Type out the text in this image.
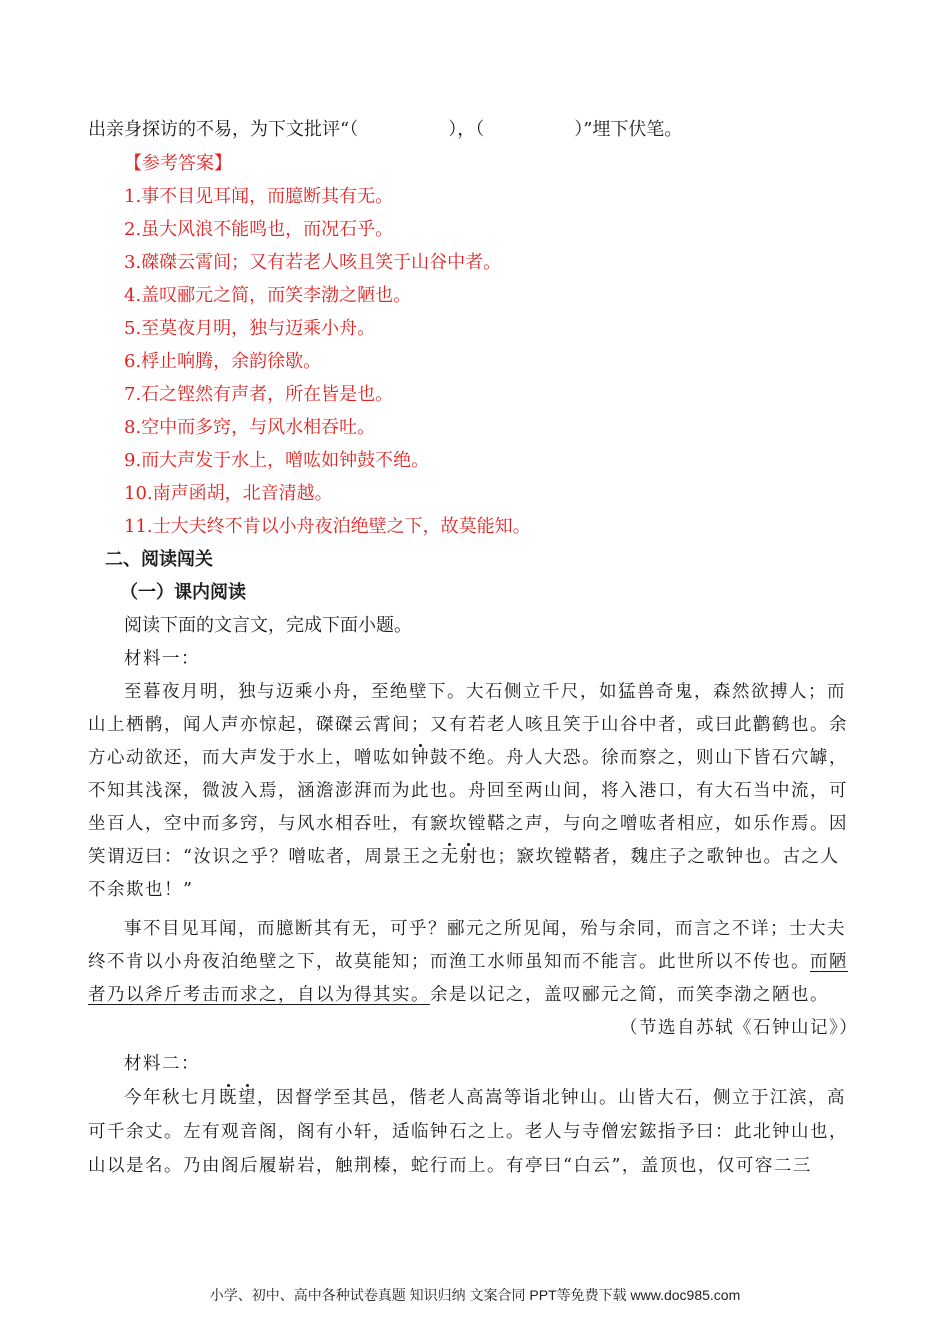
出亲身探访的不易，为下文批评“（　　　　　），（　　　　　）”埋下伏笔。
【参考答案】
1.事不目见耳闻，而臆断其有无。
2.虽大风浪不能鸣也，而况石乎。
3.磔磔云霄间；又有若老人咳且笑于山谷中者。
4.盖叹郦元之简，而笑李渤之陋也。
5.至莫夜月明，独与迈乘小舟。
6.桴止响腾，余韵徐歇。
7.石之铿然有声者，所在皆是也。
8.空中而多窍，与风水相吞吐。
9.而大声发于水上，噌吰如钟鼓不绝。
10.南声函胡，北音清越。
11.士大夫终不肯以小舟夜泊绝壁之下，故莫能知。
二、阅读闯关
（一）课内阅读
阅读下面的文言文，完成下面小题。
材料一：
至暮夜月明，独与迈乘小舟，至绝壁下。大石侧立千尺，如猛兽奇鬼，森然欲搏人；而
山上栖鹘，闻人声亦惊起，磔磔云霄间；又有若老人咳且笑于山谷中者，或曰此鹳鹤也。余
方心动欲还，而大声发于水上，噌吰如钟鼓不绝。舟人大恐。徐而察之，则山下皆石穴罅，
不知其浅深，微波入焉，涵澹澎湃而为此也。舟回至两山间，将入港口，有大石当中流，可
坐百人，空中而多窍，与风水相吞吐，有窾坎镗鞳之声，与向之噌吰者相应，如乐作焉。因
笑谓迈曰：“汝识之乎？噌吰者，周景王之无射也；窾坎镗鞳者，魏庄子之歌钟也。古之人
不余欺也！”
事不目见耳闻，而臆断其有无，可乎？郦元之所见闻，殆与余同，而言之不详；士大夫
终不肯以小舟夜泊绝壁之下，故莫能知；而渔工水师虽知而不能言。此世所以不传也。而陋
者乃以斧斤考击而求之，自以为得其实。余是以记之，盖叹郦元之简，而笑李渤之陋也。
（节选自苏轼《石钟山记》）
材料二：
今年秋七月既望，因督学至其邑，偕老人高嵩等诣北钟山。山皆大石，侧立于江滨，高
可千余丈。左有观音阁，阁有小轩，适临钟石之上。老人与寺僧宏鋐指予曰：此北钟山也，
山以是名。乃由阁后履崭岩，触荆榛，蛇行而上。有亭曰“白云”，盖顶也，仅可容二三
小学、初中、高中各种试卷真题 知识归纳 文案合同 PPT等免费下载 www.doc985.com
